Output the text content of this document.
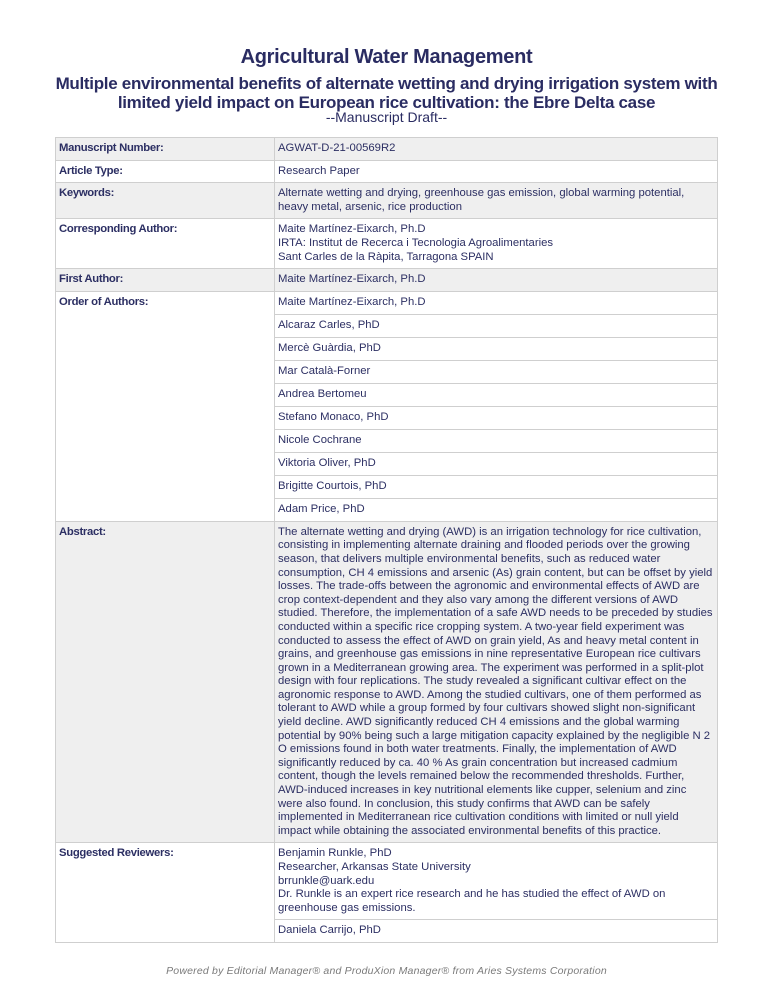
Agricultural Water Management
Multiple environmental benefits of alternate wetting and drying irrigation system with limited yield impact on European rice cultivation: the Ebre Delta case
--Manuscript Draft--
Manuscript Number:	AGWAT-D-21-00569R2
Article Type:	Research Paper
Keywords:	Alternate wetting and drying, greenhouse gas emission, global warming potential, heavy metal, arsenic, rice production
Corresponding Author:	Maite Martínez-Eixarch, Ph.D
IRTA: Institut de Recerca i Tecnologia Agroalimentaries
Sant Carles de la Ràpita, Tarragona SPAIN

First Author:	Maite Martínez-Eixarch, Ph.D
Order of Authors:	Maite Martínez-Eixarch, Ph.D
	Alcaraz Carles, PhD
	Mercè Guàrdia, PhD
	Mar Català-Forner
	Andrea Bertomeu
	Stefano Monaco, PhD
	Nicole Cochrane
	Viktoria Oliver, PhD
	Brigitte Courtois, PhD
	Adam Price, PhD
Abstract:	The alternate wetting and drying (AWD) is an irrigation technology for rice cultivation, consisting in implementing alternate draining and flooded periods over the growing season, that delivers multiple environmental benefits, such as reduced water consumption, CH 4 emissions and arsenic (As) grain content, but can be offset by yield losses. The trade-offs between the agronomic and environmental effects of AWD are crop context-dependent and they also vary among the different versions of AWD studied. Therefore, the implementation of a safe AWD needs to be preceded by studies conducted within a specific rice cropping system. A two-year field experiment was conducted to assess the effect of AWD on grain yield, As and heavy metal content in grains, and greenhouse gas emissions in nine representative European rice cultivars grown in a Mediterranean growing area. The experiment was performed in a split-plot design with four replications. The study revealed a significant cultivar effect on the agronomic response to AWD. Among the studied cultivars, one of them performed as tolerant to AWD while a group formed by four cultivars showed slight non-significant yield decline. AWD significantly reduced CH 4 emissions and the global warming potential by 90% being such a large mitigation capacity explained by the negligible N 2 O emissions found in both water treatments. Finally, the implementation of AWD significantly reduced by ca. 40 % As grain concentration but increased cadmium content, though the levels remained below the recommended thresholds. Further, AWD-induced increases in key nutritional elements like cupper, selenium and zinc were also found. In conclusion, this study confirms that AWD can be safely implemented in Mediterranean rice cultivation conditions with limited or null yield impact while obtaining the associated environmental benefits of this practice.
Suggested Reviewers:	Benjamin Runkle, PhD
Researcher, Arkansas State University
brrunkle@uark.edu
Dr. Runkle is an expert rice research and he has studied the effect of AWD on greenhouse gas emissions.

	Daniela Carrijo, PhD
Powered by Editorial Manager® and ProduXion Manager® from Aries Systems Corporation
